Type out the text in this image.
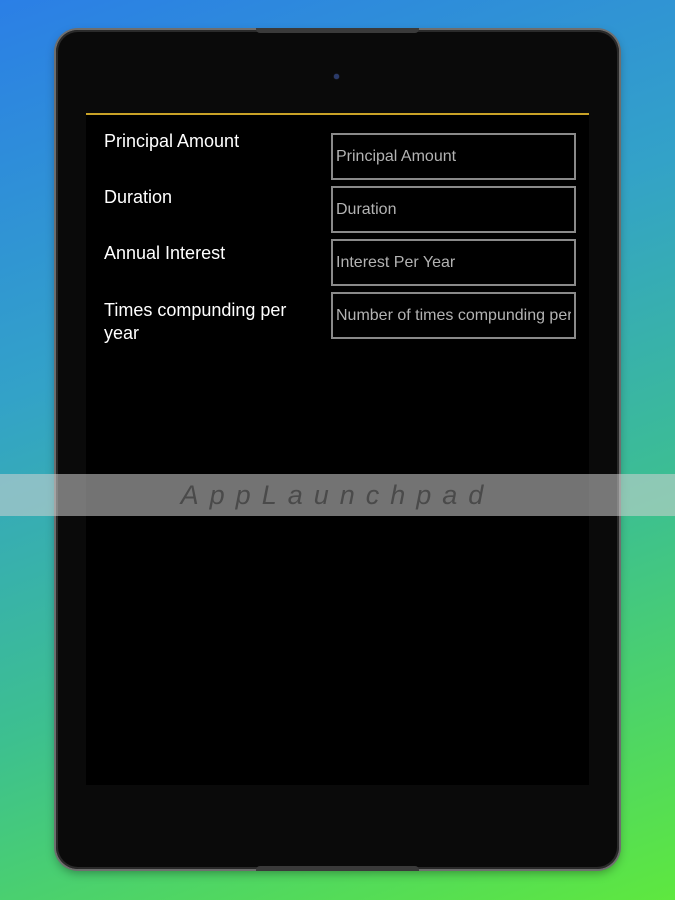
Principal Amount
Principal Amount
Duration
Duration
Annual Interest
Interest Per Year
Times compunding per year
Number of times compunding per year
AppLaunchpad
